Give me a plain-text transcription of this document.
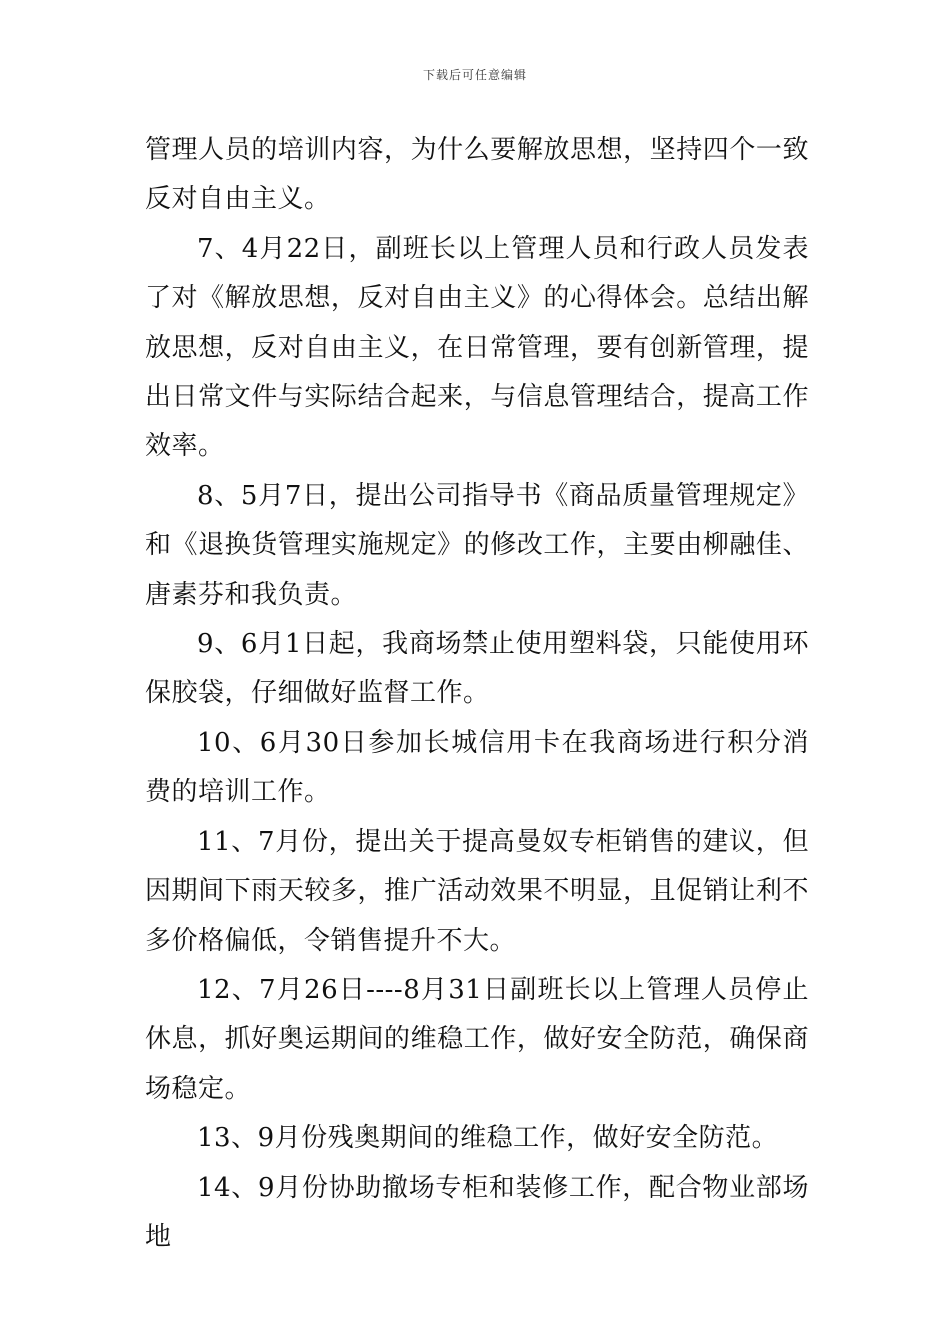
下载后可任意编辑

管理人员的培训内容，为什么要解放思想，坚持四个一致反对自由主义。

7、4月22日，副班长以上管理人员和行政人员发表了对《解放思想，反对自由主义》的心得体会。总结出解放思想，反对自由主义，在日常管理，要有创新管理，提出日常文件与实际结合起来，与信息管理结合，提高工作效率。

8、5月7日，提出公司指导书《商品质量管理规定》和《退换货管理实施规定》的修改工作，主要由柳融佳、唐素芬和我负责。

9、6月1日起，我商场禁止使用塑料袋，只能使用环保胶袋，仔细做好监督工作。

10、6月30日参加长城信用卡在我商场进行积分消费的培训工作。

11、7月份，提出关于提高曼奴专柜销售的建议，但因期间下雨天较多，推广活动效果不明显，且促销让利不多价格偏低，令销售提升不大。

12、7月26日----8月31日副班长以上管理人员停止休息，抓好奥运期间的维稳工作，做好安全防范，确保商场稳定。

13、9月份残奥期间的维稳工作，做好安全防范。

14、9月份协助撤场专柜和装修工作，配合物业部场地
